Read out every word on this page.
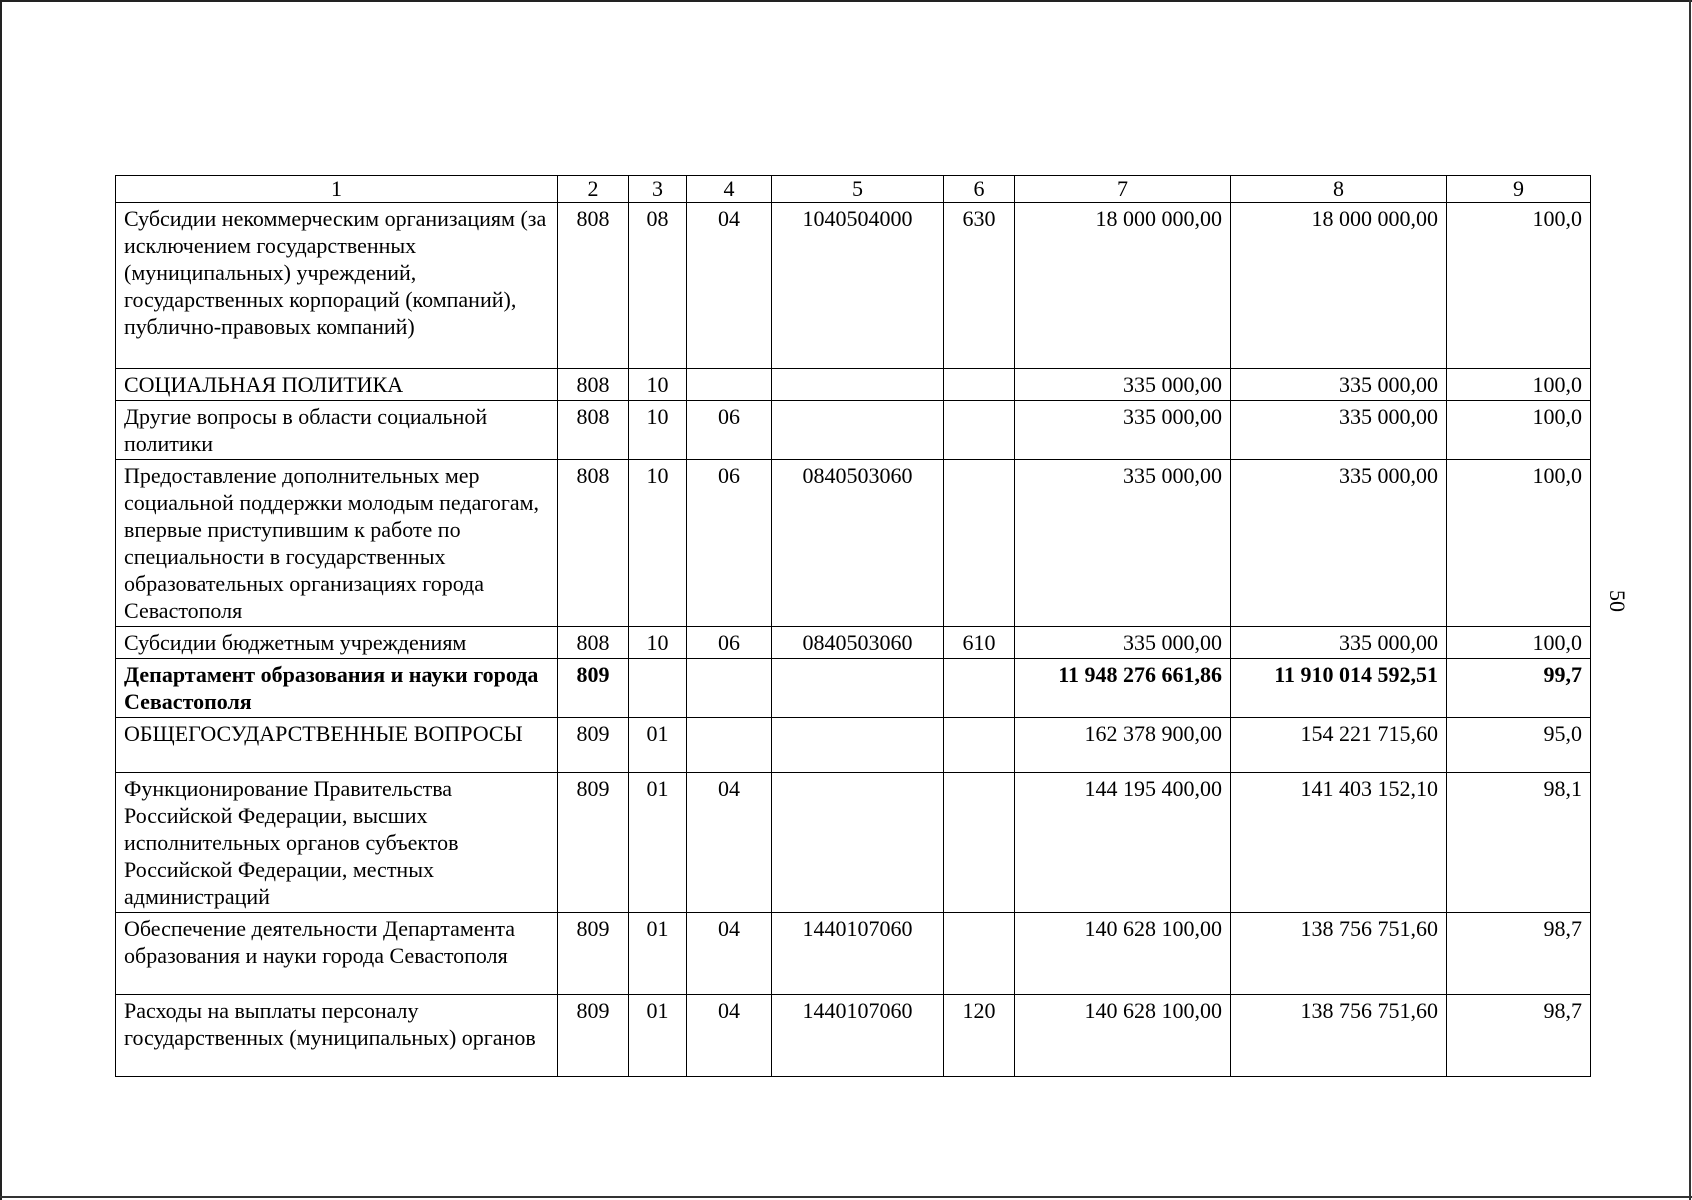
1	2	3	4	5	6	7	8	9
Субсидии некоммерческим организациям (за исключением государственных (муниципальных) учреждений, государственных корпораций (компаний), публично-правовых компаний)	808	08	04	1040504000	630	18 000 000,00	18 000 000,00	100,0
СОЦИАЛЬНАЯ ПОЛИТИКА	808	10				335 000,00	335 000,00	100,0
Другие вопросы в области социальной политики	808	10	06			335 000,00	335 000,00	100,0
Предоставление дополнительных мер социальной поддержки молодым педагогам, впервые приступившим к работе по специальности в государственных образовательных организациях города Севастополя	808	10	06	0840503060		335 000,00	335 000,00	100,0
Субсидии бюджетным учреждениям	808	10	06	0840503060	610	335 000,00	335 000,00	100,0
Департамент образования и науки города Севастополя	809					11 948 276 661,86	11 910 014 592,51	99,7
ОБЩЕГОСУДАРСТВЕННЫЕ ВОПРОСЫ	809	01				162 378 900,00	154 221 715,60	95,0
Функционирование Правительства Российской Федерации, высших исполнительных органов субъектов Российской Федерации, местных администраций	809	01	04			144 195 400,00	141 403 152,10	98,1
Обеспечение деятельности Департамента образования и науки города Севастополя	809	01	04	1440107060		140 628 100,00	138 756 751,60	98,7
Расходы на выплаты персоналу государственных (муниципальных) органов	809	01	04	1440107060	120	140 628 100,00	138 756 751,60	98,7
50
